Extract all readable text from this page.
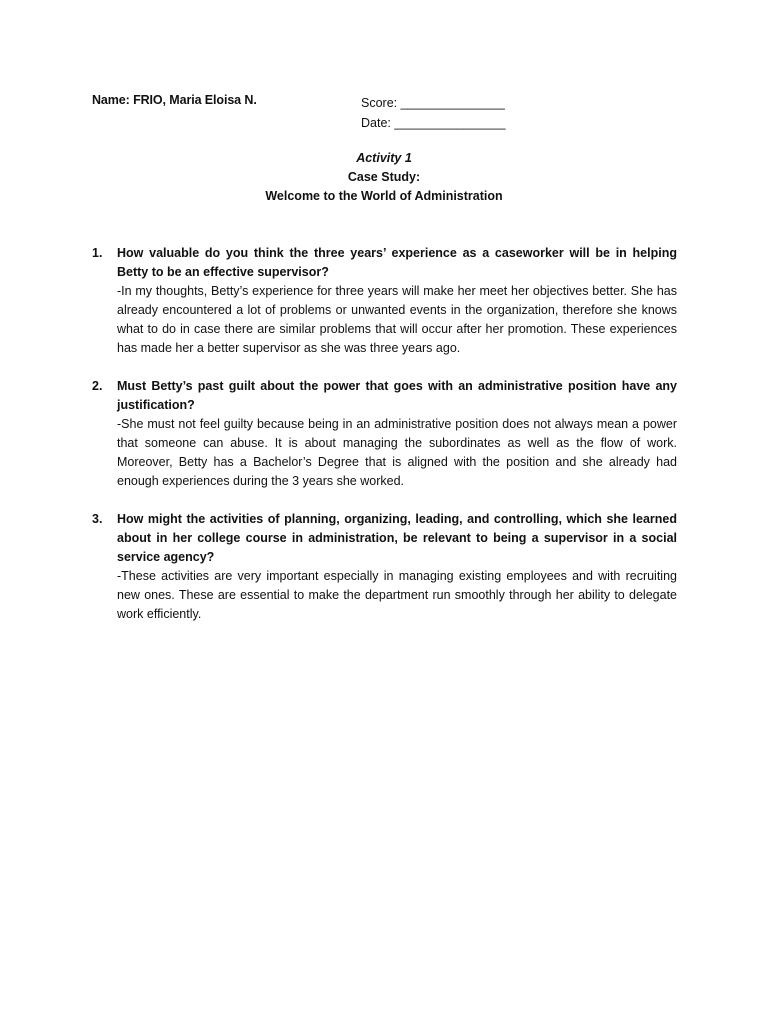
Name: FRIO, Maria Eloisa N.	Score: _______________
Date: ________________
Activity 1
Case Study:
Welcome to the World of Administration
1. How valuable do you think the three years’ experience as a caseworker will be in helping Betty to be an effective supervisor?
-In my thoughts, Betty’s experience for three years will make her meet her objectives better. She has already encountered a lot of problems or unwanted events in the organization, therefore she knows what to do in case there are similar problems that will occur after her promotion. These experiences has made her a better supervisor as she was three years ago.
2. Must Betty’s past guilt about the power that goes with an administrative position have any justification?
-She must not feel guilty because being in an administrative position does not always mean a power that someone can abuse. It is about managing the subordinates as well as the flow of work. Moreover, Betty has a Bachelor’s Degree that is aligned with the position and she already had enough experiences during the 3 years she worked.
3. How might the activities of planning, organizing, leading, and controlling, which she learned about in her college course in administration, be relevant to being a supervisor in a social service agency?
-These activities are very important especially in managing existing employees and with recruiting new ones. These are essential to make the department run smoothly through her ability to delegate work efficiently.
